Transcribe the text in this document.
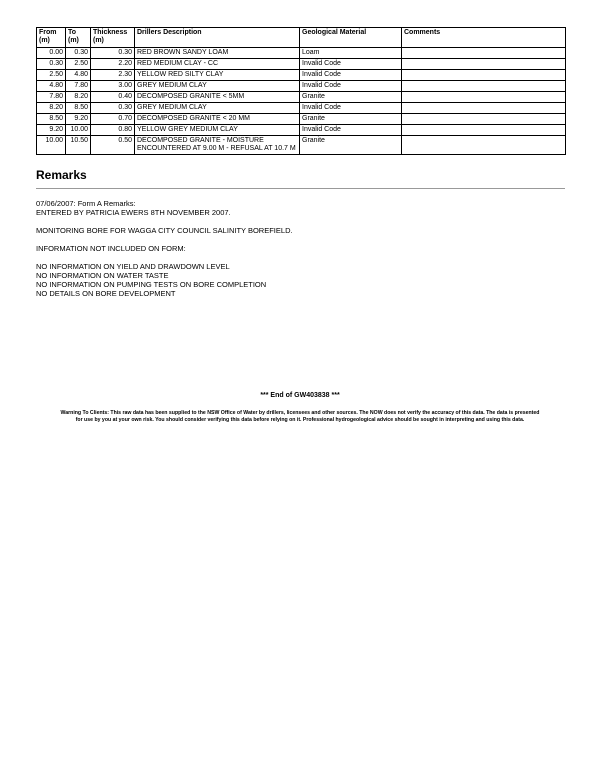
From (m)	To (m)	Thickness (m)	Drillers Description	Geological Material	Comments
0.00	0.30	0.30	RED BROWN SANDY LOAM	Loam	
0.30	2.50	2.20	RED MEDIUM CLAY - CC	Invalid Code	
2.50	4.80	2.30	YELLOW RED SILTY CLAY	Invalid Code	
4.80	7.80	3.00	GREY MEDIUM CLAY	Invalid Code	
7.80	8.20	0.40	DECOMPOSED GRANITE < 5MM	Granite	
8.20	8.50	0.30	GREY MEDIUM CLAY	Invalid Code	
8.50	9.20	0.70	DECOMPOSED GRANITE < 20 MM	Granite	
9.20	10.00	0.80	YELLOW GREY MEDIUM CLAY	Invalid Code	
10.00	10.50	0.50	DECOMPOSED GRANITE - MOISTURE ENCOUNTERED AT 9.00 M - REFUSAL AT 10.7 M	Granite	
Remarks
07/06/2007: Form A Remarks:
ENTERED BY PATRICIA EWERS 8TH NOVEMBER 2007.
MONITORING BORE FOR WAGGA CITY COUNCIL SALINITY BOREFIELD.
INFORMATION NOT INCLUDED ON FORM:
NO INFORMATION ON YIELD AND DRAWDOWN LEVEL
NO INFORMATION ON WATER TASTE
NO INFORMATION ON PUMPING TESTS ON BORE COMPLETION
NO DETAILS ON BORE DEVELOPMENT
*** End of GW403838 ***
Warning To Clients: This raw data has been supplied to the NSW Office of Water by drillers, licensees and other sources. The NOW does not verify the accuracy of this data. The data is presented for use by you at your own risk. You should consider verifying this data before relying on it. Professional hydrogeological advice should be sought in interpreting and using this data.
